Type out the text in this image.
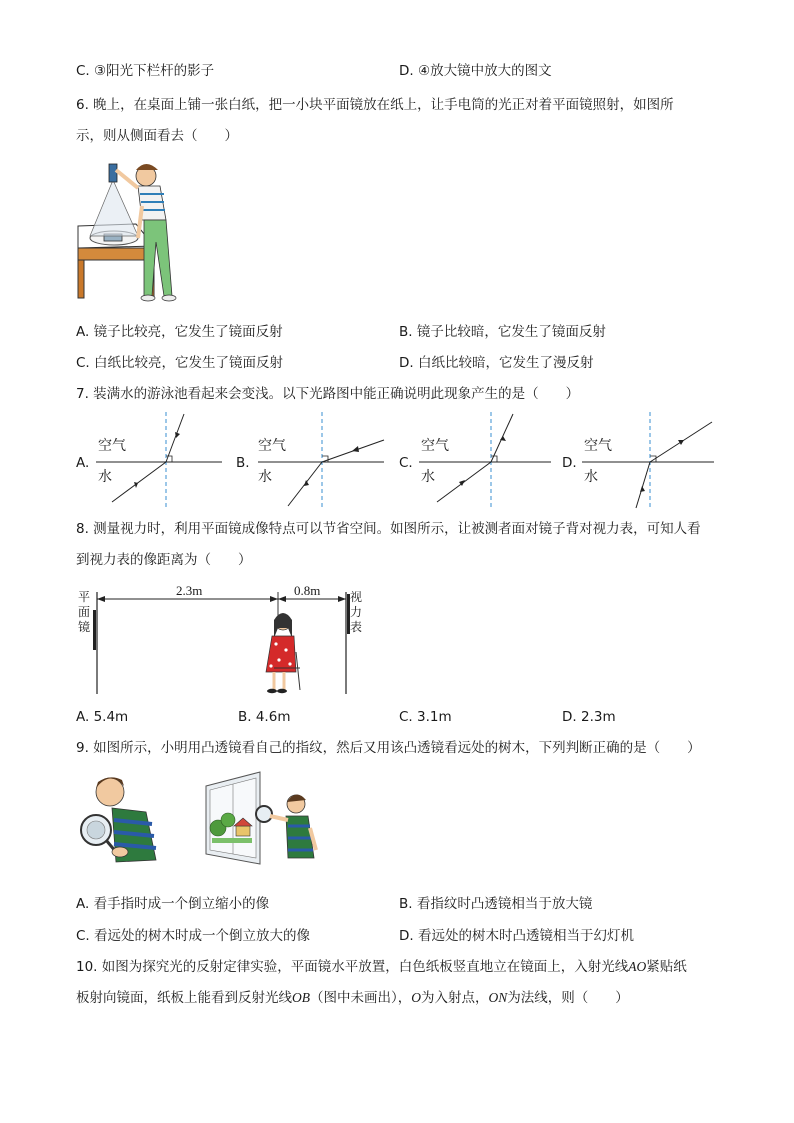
C. ③阳光下栏杆的影子	D. ④放大镜中放大的图文
6. 晚上，在桌面上铺一张白纸，把一小块平面镜放在纸上，让手电筒的光正对着平面镜照射，如图所
示，则从侧面看去（　　）
A. 镜子比较亮，它发生了镜面反射	B. 镜子比较暗，它发生了镜面反射
C. 白纸比较亮，它发生了镜面反射	D. 白纸比较暗，它发生了漫反射
7. 装满水的游泳池看起来会变浅。以下光路图中能正确说明此现象产生的是（　　）
A.
空气
水
B.
空气
水
C.
空气
水
D.
空气
水
8. 测量视力时，利用平面镜成像特点可以节省空间。如图所示，让被测者面对镜子背对视力表，可知人看
到视力表的像距离为（　　）
2.3m	0.8m
平
面
镜
视
力
表
A. 5.4m	B. 4.6m	C. 3.1m	D. 2.3m
9. 如图所示，小明用凸透镜看自己的指纹，然后又用该凸透镜看远处的树木，下列判断正确的是（　　）
A. 看手指时成一个倒立缩小的像	B. 看指纹时凸透镜相当于放大镜
C. 看远处的树木时成一个倒立放大的像	D. 看远处的树木时凸透镜相当于幻灯机
10. 如图为探究光的反射定律实验，平面镜水平放置，白色纸板竖直地立在镜面上，入射光线AO紧贴纸
板射向镜面，纸板上能看到反射光线OB（图中未画出），O为入射点，ON为法线，则（　　）
